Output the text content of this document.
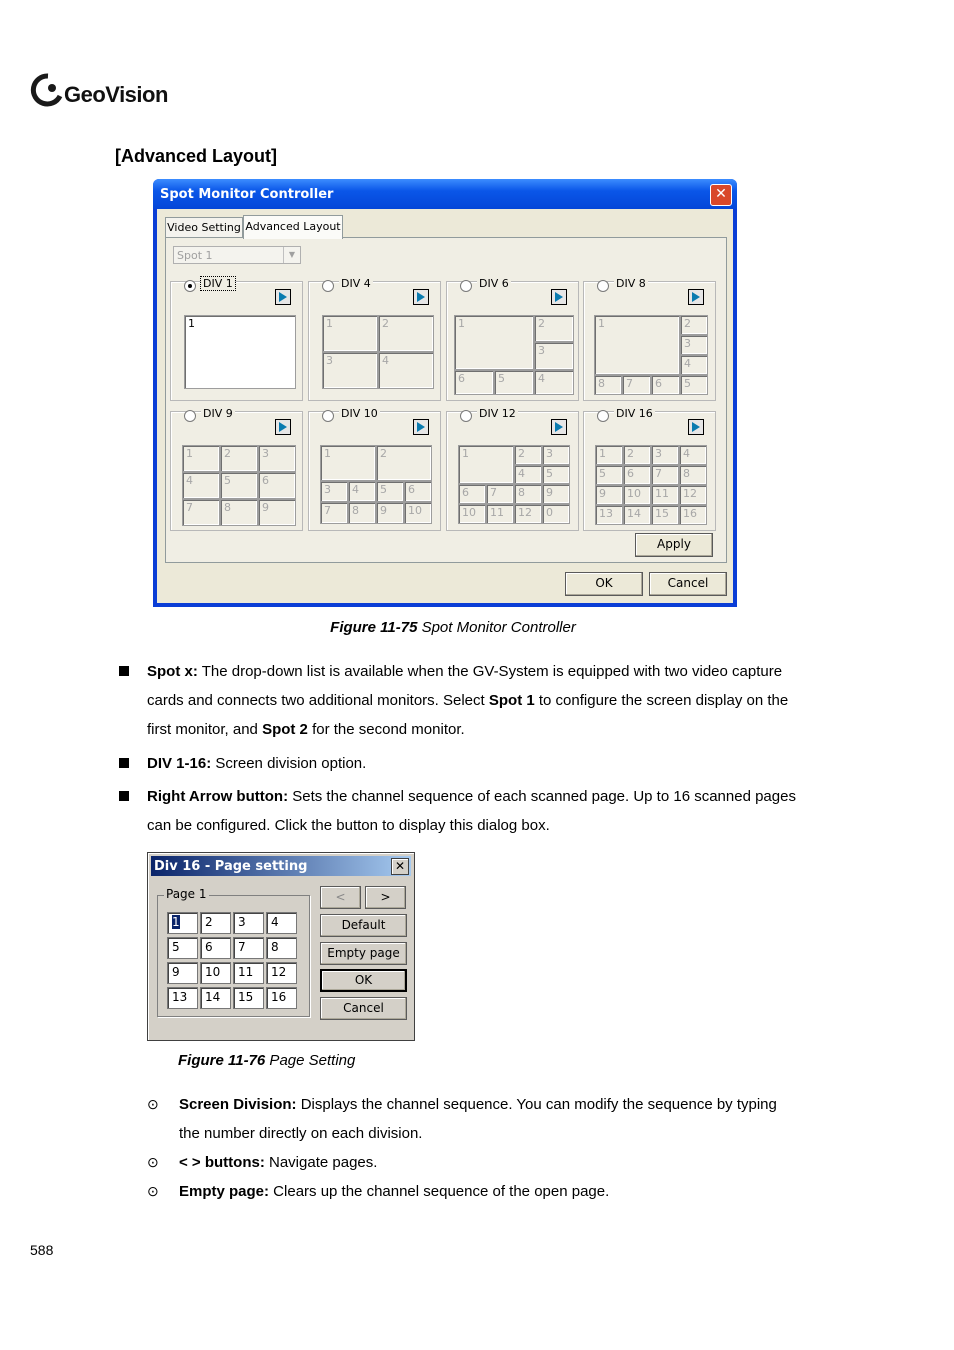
GeoVision
[Advanced Layout]
Spot Monitor Controller	✕
Video Setting Advanced Layout
Spot 1	▼
DIV 1
1
DIV 4
1	2
3	4
DIV 6
1	2
3
6	5	4
DIV 8
1	2
3
4
8	7	6	5
DIV 9
1	2	3
4	5	6
7	8	9
DIV 10
1	2
3	4	5	6
7	8	9	10
DIV 12
1	2	3
4	5
6	7	8	9
10	11	12	0
DIV 16
1	2	3	4
5	6	7	8
9	10	11	12
13	14	15	16
Apply
OK	Cancel
Figure 11-75 Spot Monitor Controller
Spot x: The drop-down list is available when the GV-System is equipped with two video capture
cards and connects two additional monitors. Select Spot 1 to configure the screen display on the
first monitor, and Spot 2 for the second monitor.
DIV 1-16: Screen division option.
Right Arrow button: Sets the channel sequence of each scanned page. Up to 16 scanned pages
can be configured. Click the button to display this dialog box.
Div 16 - Page setting	✕
Page 1
1	2	3	4
5	6	7	8
9	10	11	12
13	14	15	16
<	>
Default
Empty page
OK
Cancel
Figure 11-76 Page Setting
⊙ Screen Division: Displays the channel sequence. You can modify the sequence by typing
the number directly on each division.
⊙ < > buttons: Navigate pages.
⊙ Empty page: Clears up the channel sequence of the open page.
588
